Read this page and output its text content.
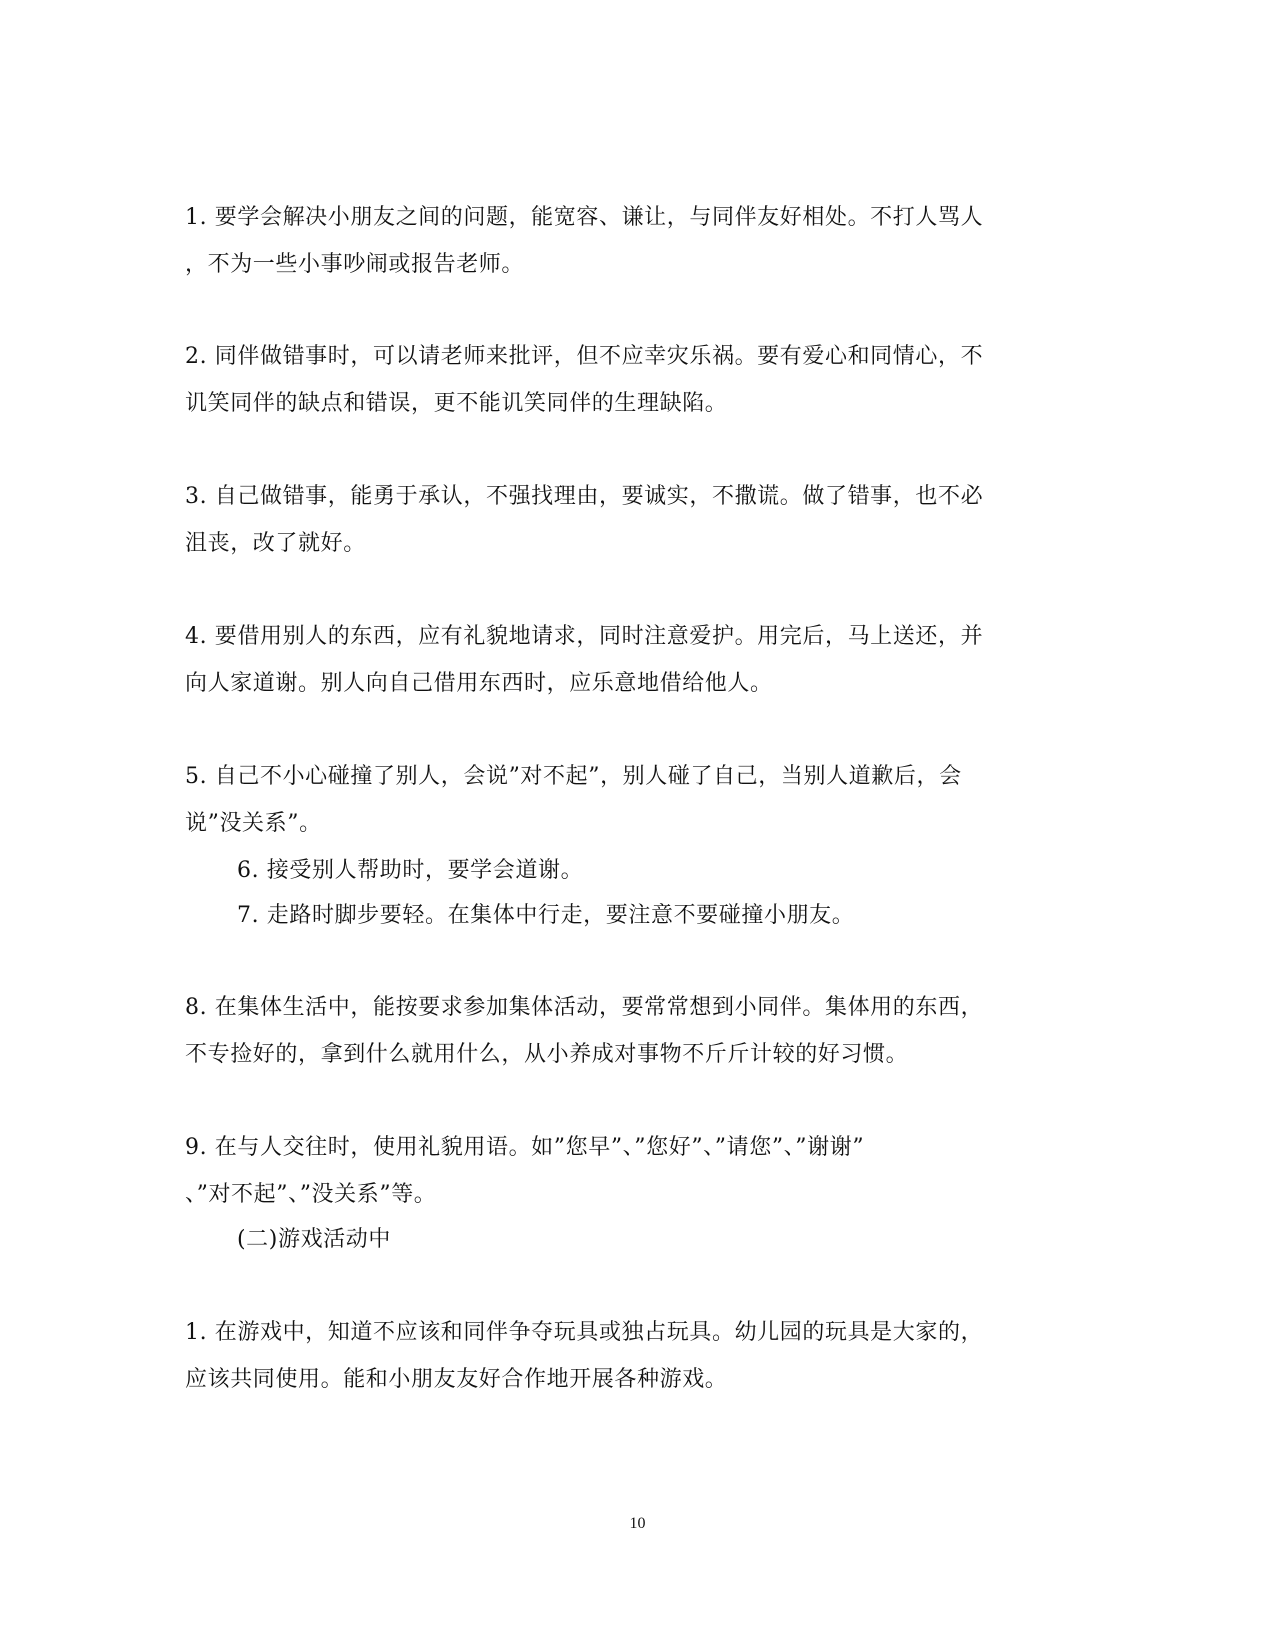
1. 要学会解决小朋友之间的问题，能宽容、谦让，与同伴友好相处。不打人骂人
，不为一些小事吵闹或报告老师。
2. 同伴做错事时，可以请老师来批评，但不应幸灾乐祸。要有爱心和同情心，不
讥笑同伴的缺点和错误，更不能讥笑同伴的生理缺陷。
3. 自己做错事，能勇于承认，不强找理由，要诚实，不撒谎。做了错事，也不必
沮丧，改了就好。
4. 要借用别人的东西，应有礼貌地请求，同时注意爱护。用完后，马上送还，并
向人家道谢。别人向自己借用东西时，应乐意地借给他人。
5. 自己不小心碰撞了别人，会说”对不起”，别人碰了自己，当别人道歉后，会
说”没关系”。
6. 接受别人帮助时，要学会道谢。
7. 走路时脚步要轻。在集体中行走，要注意不要碰撞小朋友。
8. 在集体生活中，能按要求参加集体活动，要常常想到小同伴。集体用的东西，
不专捡好的，拿到什么就用什么，从小养成对事物不斤斤计较的好习惯。
9. 在与人交往时，使用礼貌用语。如”您早”、”您好”、”请您”、”谢谢”
、”对不起”、”没关系”等。
(二)游戏活动中
1. 在游戏中，知道不应该和同伴争夺玩具或独占玩具。幼儿园的玩具是大家的，
应该共同使用。能和小朋友友好合作地开展各种游戏。
10
